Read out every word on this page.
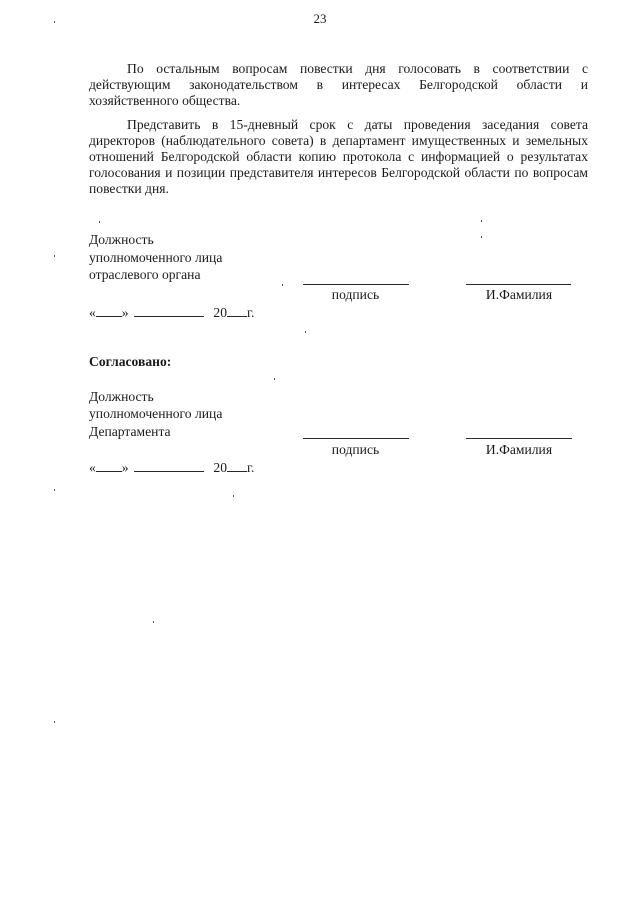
23

По остальным вопросам повестки дня голосовать в соответствии с действующим законодательством в интересах Белгородской области и хозяйственного общества.

Представить в 15-дневный срок с даты проведения заседания совета директоров (наблюдательного совета) в департамент имущественных и земельных отношений Белгородской области копию протокола с информацией о результатах голосования и позиции представителя интересов Белгородской области по вопросам повестки дня.

Должность
уполномоченного лица
отраслевого органа
подпись	И.Фамилия
« »	20 г.
Согласовано:
Должность
уполномоченного лица
Департамента
подпись	И.Фамилия
« »	20 г.
